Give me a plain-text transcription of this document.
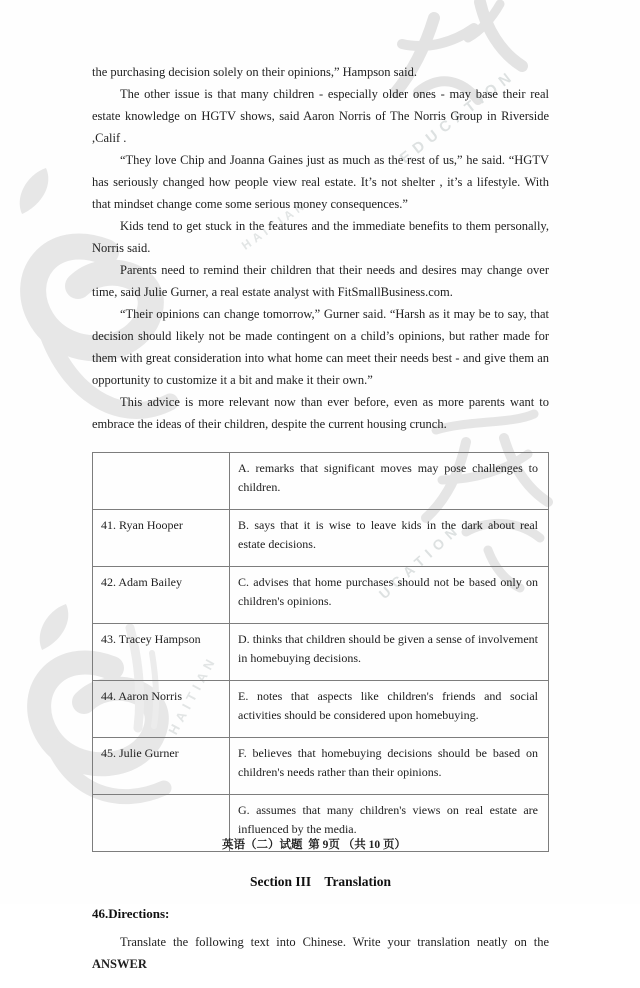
EDUCATION
HAITIAN
UCATION
HAITIAN

the purchasing decision solely on their opinions,” Hampson said.

The other issue is that many children - especially older ones - may base their real estate knowledge on HGTV shows, said Aaron Norris of The Norris Group in Riverside ,Calif .

“They love Chip and Joanna Gaines just as much as the rest of us,” he said. “HGTV has seriously changed how people view real estate. It’s not shelter , it’s a lifestyle. With that mindset change come some serious money consequences.”

Kids tend to get stuck in the features and the immediate benefits to them personally, Norris said.

Parents need to remind their children that their needs and desires may change over time, said Julie Gurner, a real estate analyst with FitSmallBusiness.com.

“Their opinions can change tomorrow,” Gurner said. “Harsh as it may be to say, that decision should likely not be made contingent on a child’s opinions, but rather made for them with great consideration into what home can meet their needs best - and give them an opportunity to customize it a bit and make it their own.”

This advice is more relevant now than ever before, even as more parents want to embrace the ideas of their children, despite the current housing crunch.

	A. remarks that significant moves may pose challenges to children.
41. Ryan Hooper	B. says that it is wise to leave kids in the dark about real estate decisions.
42. Adam Bailey	C. advises that home purchases should not be based only on children's opinions.
43. Tracey Hampson	D. thinks that children should be given a sense of involvement in homebuying decisions.
44. Aaron Norris	E. notes that aspects like children's friends and social activities should be considered upon homebuying.
45. Julie Gurner	F. believes that homebuying decisions should be based on children's needs rather than their opinions.
	G. assumes that many children's views on real estate are influenced by the media.
Section III    Translation
46.Directions:

Translate the following text into Chinese. Write your translation neatly on the ANSWER

英语（二）试题  第 9页 （共 10 页）
